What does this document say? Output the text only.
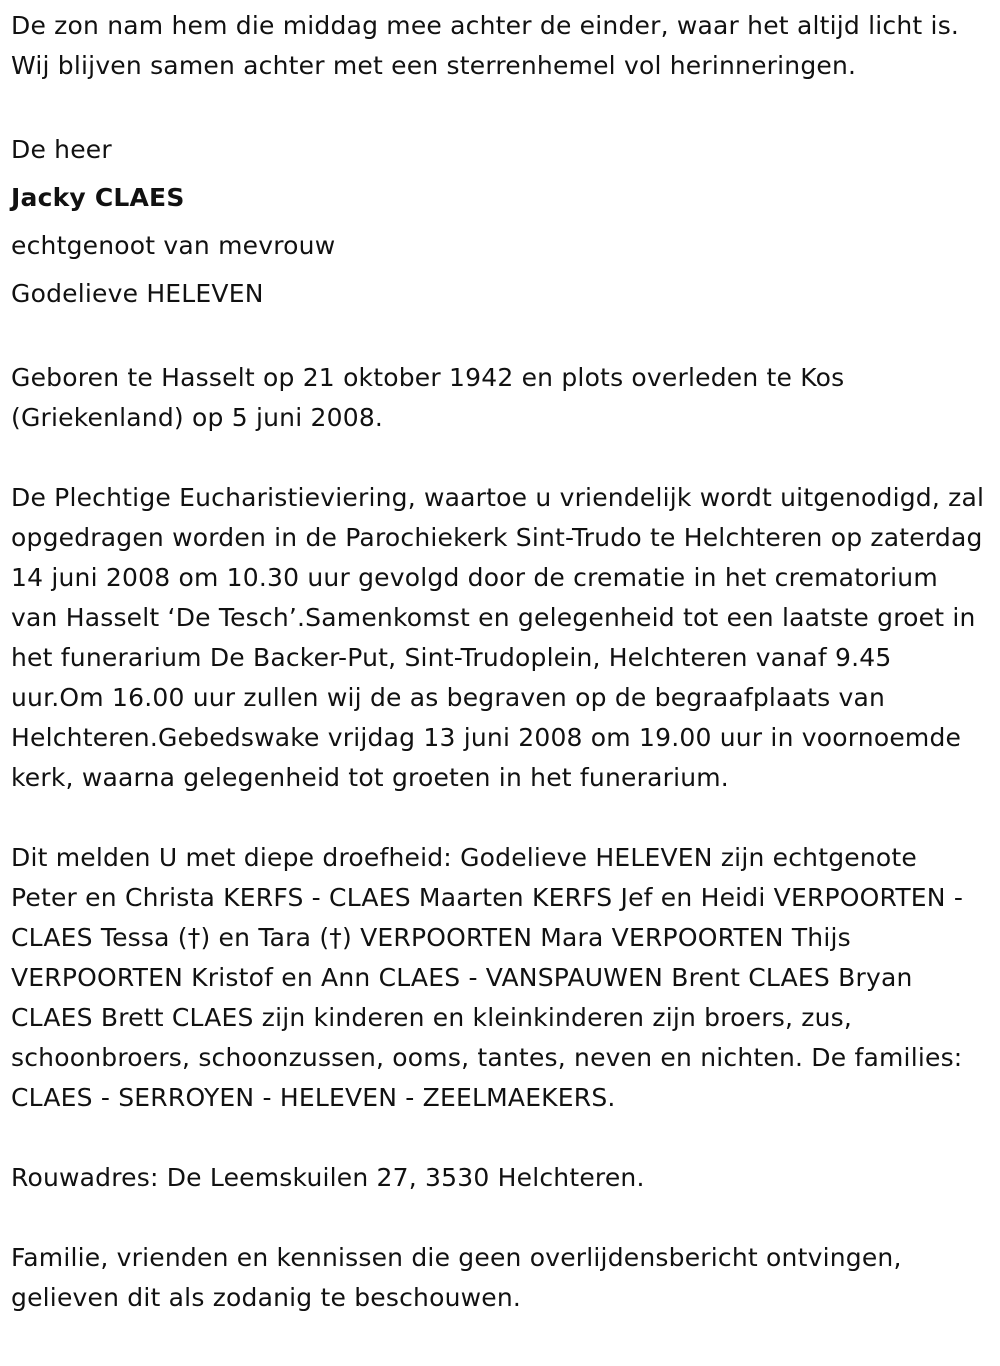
De zon nam hem die middag mee achter de einder, waar het altijd licht is. Wij blijven samen achter met een sterrenhemel vol herinneringen.

De heer

Jacky CLAES

echtgenoot van mevrouw

Godelieve HELEVEN

Geboren te Hasselt op 21 oktober 1942 en plots overleden te Kos (Griekenland) op 5 juni 2008.

De Plechtige Eucharistieviering, waartoe u vriendelijk wordt uitgenodigd, zal opgedragen worden in de Parochiekerk Sint-Trudo te Helchteren op zaterdag 14 juni 2008 om 10.30 uur gevolgd door de crematie in het crematorium van Hasselt ‘De Tesch’.Samenkomst en gelegenheid tot een laatste groet in het funerarium De Backer-Put, Sint-Trudoplein, Helchteren vanaf 9.45 uur.Om 16.00 uur zullen wij de as begraven op de begraafplaats van Helchteren.Gebedswake vrijdag 13 juni 2008 om 19.00 uur in voornoemde kerk, waarna gelegenheid tot groeten in het funerarium.

Dit melden U met diepe droefheid: Godelieve HELEVEN zijn echtgenote Peter en Christa KERFS - CLAES Maarten KERFS Jef en Heidi VERPOORTEN - CLAES Tessa (†) en Tara (†) VERPOORTEN Mara VERPOORTEN Thijs VERPOORTEN Kristof en Ann CLAES - VANSPAUWEN Brent CLAES Bryan CLAES Brett CLAES zijn kinderen en kleinkinderen zijn broers, zus, schoonbroers, schoonzussen, ooms, tantes, neven en nichten. De families: CLAES - SERROYEN - HELEVEN - ZEELMAEKERS.

Rouwadres: De Leemskuilen 27, 3530 Helchteren.

Familie, vrienden en kennissen die geen overlijdensbericht ontvingen, gelieven dit als zodanig te beschouwen.
